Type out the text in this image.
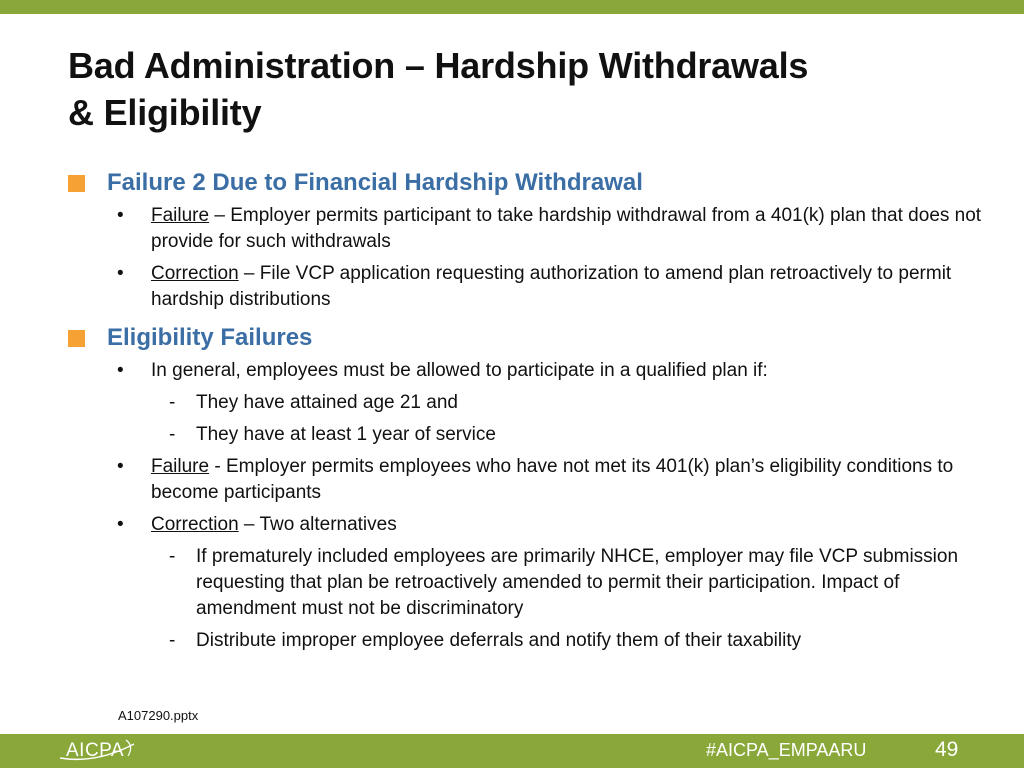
Bad Administration – Hardship Withdrawals
& Eligibility
Failure 2 Due to Financial Hardship Withdrawal
• Failure – Employer permits participant to take hardship withdrawal from a 401(k) plan that does not provide for such withdrawals
• Correction – File VCP application requesting authorization to amend plan retroactively to permit hardship distributions
Eligibility Failures
• In general, employees must be allowed to participate in a qualified plan if:
- They have attained age 21 and
- They have at least 1 year of service
• Failure - Employer permits employees who have not met its 401(k) plan’s eligibility conditions to become participants
• Correction – Two alternatives
- If prematurely included employees are primarily NHCE, employer may file VCP submission requesting that plan be retroactively amended to permit their participation. Impact of amendment must not be discriminatory
- Distribute improper employee deferrals and notify them of their taxability
A107290.pptx
AICPA	#AICPA_EMPAARU	49
